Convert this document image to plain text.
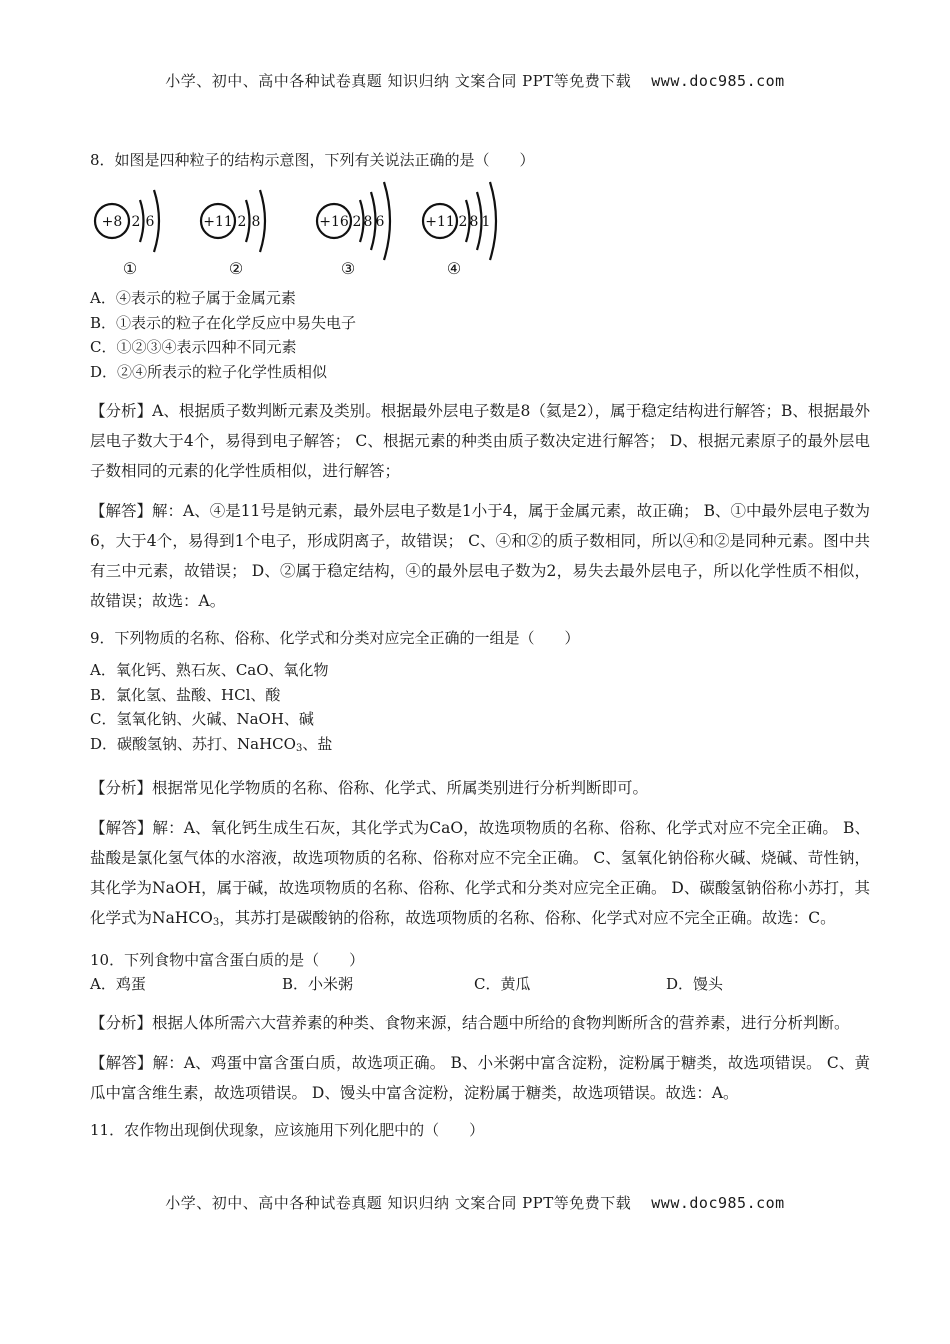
小学、初中、高中各种试卷真题 知识归纳 文案合同 PPT等免费下载 www.doc985.com

8．如图是四种粒子的结构示意图，下列有关说法正确的是（　　）

+8 2 6	+11 2 8	+16 2 8 6	+11 2 8 1
①	②	③	④

A．④表示的粒子属于金属元素

B．①表示的粒子在化学反应中易失电子

C．①②③④表示四种不同元素

D．②④所表示的粒子化学性质相似

【分析】A、根据质子数判断元素及类别。根据最外层电子数是8（氦是2），属于稳定结构进行解答；B、根据最外层电子数大于4个，易得到电子解答； C、根据元素的种类由质子数决定进行解答； D、根据元素原子的最外层电子数相同的元素的化学性质相似，进行解答；

【解答】解：A、④是11号是钠元素，最外层电子数是1小于4，属于金属元素，故正确； B、①中最外层电子数为6，大于4个，易得到1个电子，形成阴离子，故错误； C、④和②的质子数相同，所以④和②是同种元素。图中共有三中元素，故错误； D、②属于稳定结构，④的最外层电子数为2，易失去最外层电子，所以化学性质不相似，故错误；故选：A。

9．下列物质的名称、俗称、化学式和分类对应完全正确的一组是（　　）

A．氧化钙、熟石灰、CaO、氧化物

B．氯化氢、盐酸、HCl、酸

C．氢氧化钠、火碱、NaOH、碱

D．碳酸氢钠、苏打、NaHCO$_3$、盐

【分析】根据常见化学物质的名称、俗称、化学式、所属类别进行分析判断即可。

【解答】解：A、氧化钙生成生石灰，其化学式为CaO，故选项物质的名称、俗称、化学式对应不完全正确。 B、盐酸是氯化氢气体的水溶液，故选项物质的名称、俗称对应不完全正确。 C、氢氧化钠俗称火碱、烧碱、苛性钠，其化学为NaOH，属于碱，故选项物质的名称、俗称、化学式和分类对应完全正确。 D、碳酸氢钠俗称小苏打，其化学式为NaHCO$_3$，其苏打是碳酸钠的俗称，故选项物质的名称、俗称、化学式对应不完全正确。故选：C。

10．下列食物中富含蛋白质的是（　　）

A．鸡蛋	B．小米粥	C．黄瓜	D．馒头

【分析】根据人体所需六大营养素的种类、食物来源，结合题中所给的食物判断所含的营养素，进行分析判断。

【解答】解：A、鸡蛋中富含蛋白质，故选项正确。 B、小米粥中富含淀粉，淀粉属于糖类，故选项错误。 C、黄瓜中富含维生素，故选项错误。 D、馒头中富含淀粉，淀粉属于糖类，故选项错误。故选：A。

11．农作物出现倒伏现象，应该施用下列化肥中的（　　）

小学、初中、高中各种试卷真题 知识归纳 文案合同 PPT等免费下载 www.doc985.com
